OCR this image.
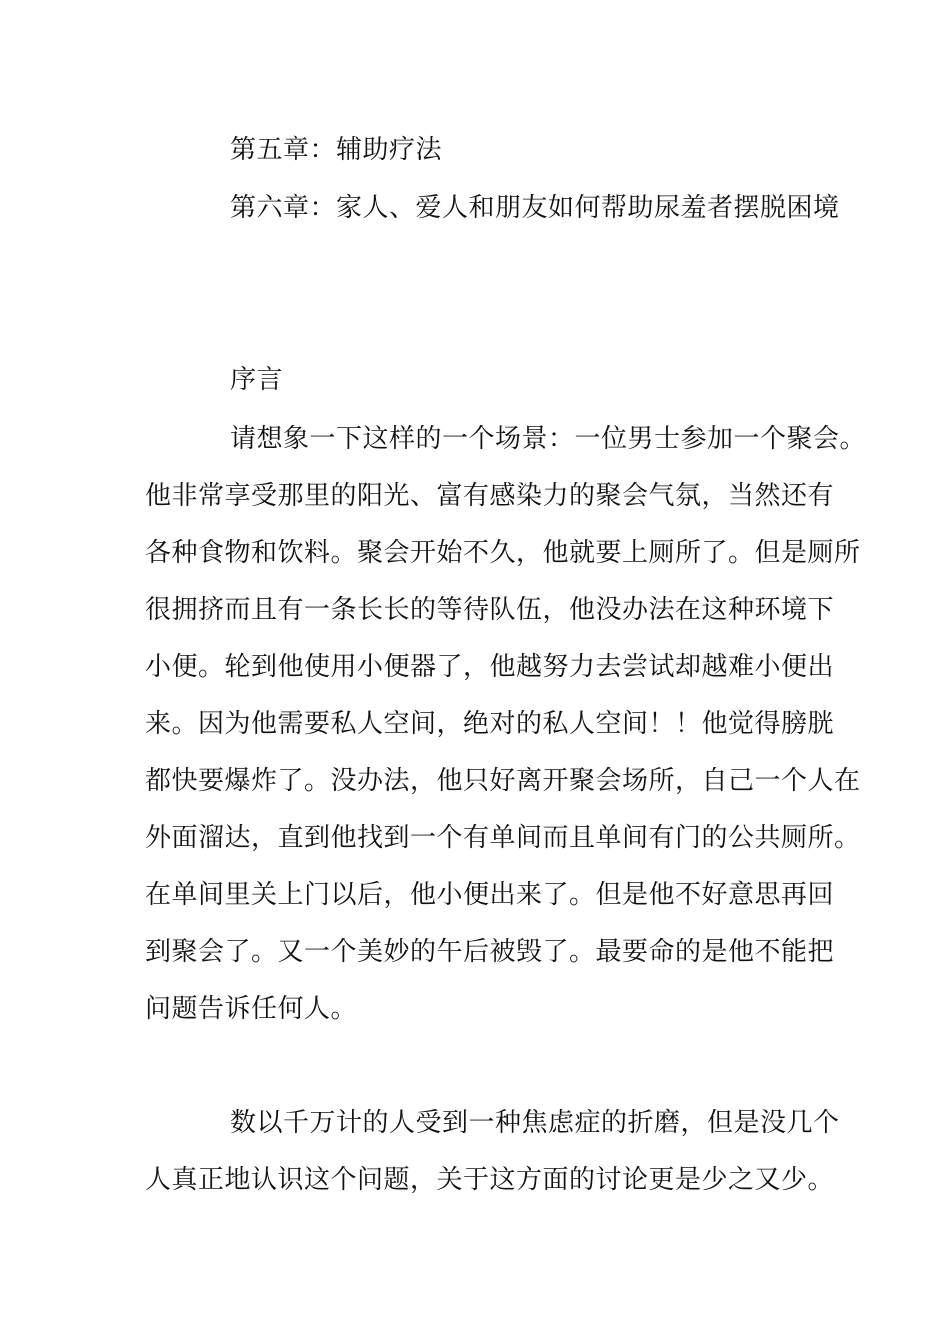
第五章：辅助疗法
第六章：家人、爱人和朋友如何帮助尿羞者摆脱困境
序言
请想象一下这样的一个场景：一位男士参加一个聚会。
他非常享受那里的阳光、富有感染力的聚会气氛，当然还有
各种食物和饮料。聚会开始不久，他就要上厕所了。但是厕所
很拥挤而且有一条长长的等待队伍，他没办法在这种环境下
小便。轮到他使用小便器了，他越努力去尝试却越难小便出
来。因为他需要私人空间，绝对的私人空间！！他觉得膀胱
都快要爆炸了。没办法，他只好离开聚会场所，自己一个人在
外面溜达，直到他找到一个有单间而且单间有门的公共厕所。
在单间里关上门以后，他小便出来了。但是他不好意思再回
到聚会了。又一个美妙的午后被毁了。最要命的是他不能把
问题告诉任何人。
数以千万计的人受到一种焦虑症的折磨，但是没几个
人真正地认识这个问题，关于这方面的讨论更是少之又少。
